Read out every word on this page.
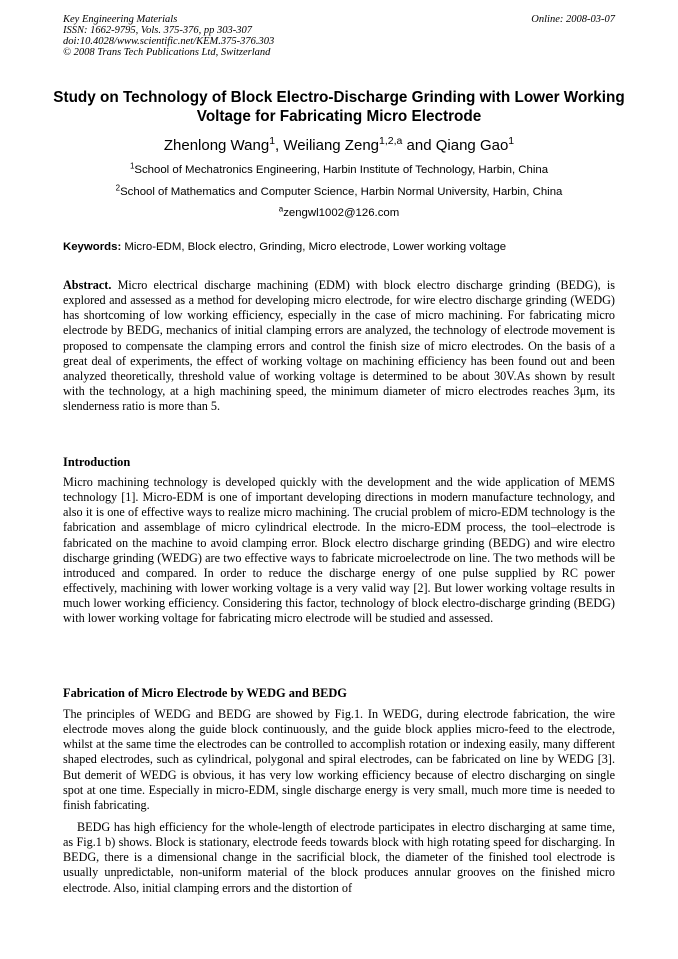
Key Engineering Materials
ISSN: 1662-9795, Vols. 375-376, pp 303-307
doi:10.4028/www.scientific.net/KEM.375-376.303
© 2008 Trans Tech Publications Ltd, Switzerland
Online: 2008-03-07
Study on Technology of Block Electro-Discharge Grinding with Lower Working Voltage for Fabricating Micro Electrode
Zhenlong Wang$^1$, Weiliang Zeng$^{1,2,a}$ and Qiang Gao$^1$
$^1$School of Mechatronics Engineering, Harbin Institute of Technology, Harbin, China
$^2$School of Mathematics and Computer Science, Harbin Normal University, Harbin, China
$^a$zengwl1002@126.com
Keywords: Micro-EDM, Block electro, Grinding, Micro electrode, Lower working voltage

Abstract. Micro electrical discharge machining (EDM) with block electro discharge grinding (BEDG), is explored and assessed as a method for developing micro electrode, for wire electro discharge grinding (WEDG) has shortcoming of low working efficiency, especially in the case of micro machining. For fabricating micro electrode by BEDG, mechanics of initial clamping errors are analyzed, the technology of electrode movement is proposed to compensate the clamping errors and control the finish size of micro electrodes. On the basis of a great deal of experiments, the effect of working voltage on machining efficiency has been found out and been analyzed theoretically, threshold value of working voltage is determined to be about 30V.As shown by result with the technology, at a high machining speed, the minimum diameter of micro electrodes reaches 3μm, its slenderness ratio is more than 5.

Introduction

Micro machining technology is developed quickly with the development and the wide application of MEMS technology [1]. Micro-EDM is one of important developing directions in modern manufacture technology, and also it is one of effective ways to realize micro machining. The crucial problem of micro-EDM technology is the fabrication and assemblage of micro cylindrical electrode. In the micro-EDM process, the tool–electrode is fabricated on the machine to avoid clamping error. Block electro discharge grinding (BEDG) and wire electro discharge grinding (WEDG) are two effective ways to fabricate microelectrode on line. The two methods will be introduced and compared. In order to reduce the discharge energy of one pulse supplied by RC power effectively, machining with lower working voltage is a very valid way [2]. But lower working voltage results in much lower working efficiency. Considering this factor, technology of block electro-discharge grinding (BEDG) with lower working voltage for fabricating micro electrode will be studied and assessed.

Fabrication of Micro Electrode by WEDG and BEDG

The principles of WEDG and BEDG are showed by Fig.1. In WEDG, during electrode fabrication, the wire electrode moves along the guide block continuously, and the guide block applies micro-feed to the electrode, whilst at the same time the electrodes can be controlled to accomplish rotation or indexing easily, many different shaped electrodes, such as cylindrical, polygonal and spiral electrodes, can be fabricated on line by WEDG [3]. But demerit of WEDG is obvious, it has very low working efficiency because of electro discharging on single spot at one time. Especially in micro-EDM, single discharge energy is very small, much more time is needed to finish fabricating.

BEDG has high efficiency for the whole-length of electrode participates in electro discharging at same time, as Fig.1 b) shows. Block is stationary, electrode feeds towards block with high rotating speed for discharging. In BEDG, there is a dimensional change in the sacrificial block, the diameter of the finished tool electrode is usually unpredictable, non-uniform material of the block produces annular grooves on the finished micro electrode. Also, initial clamping errors and the distortion of
